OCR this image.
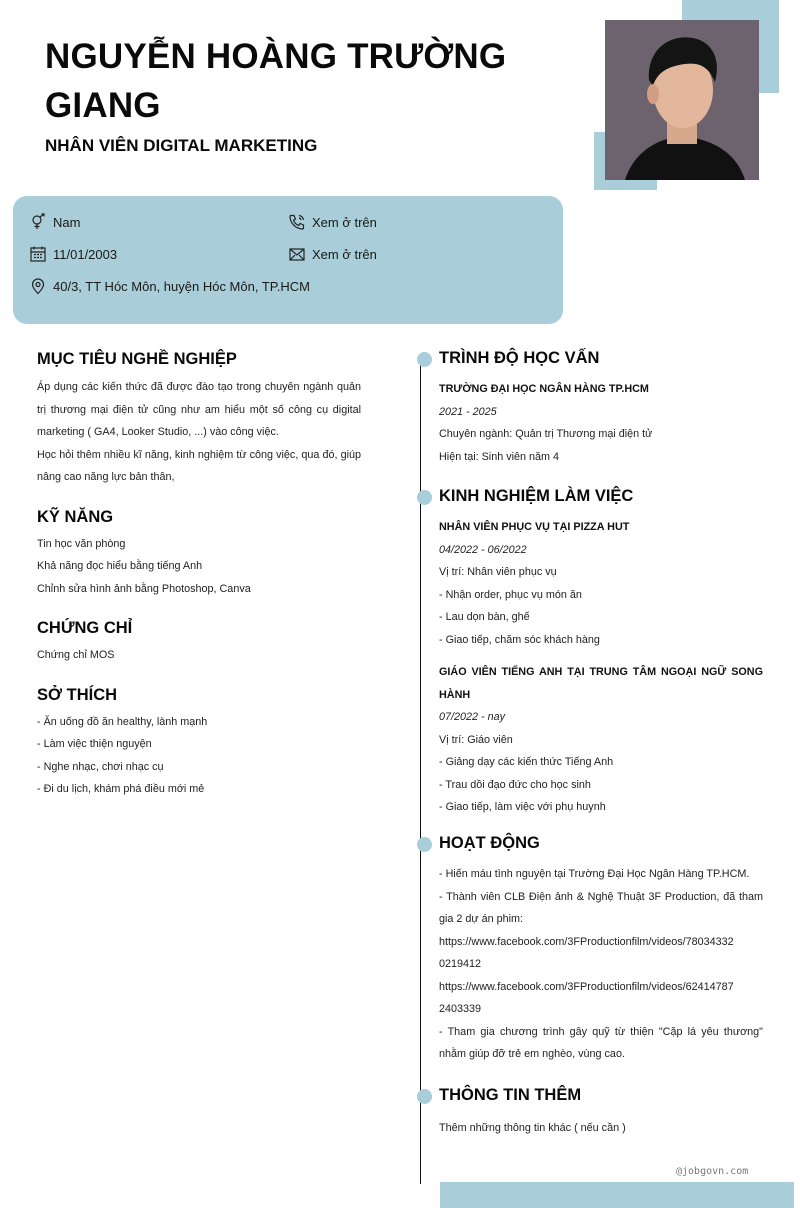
NGUYỄN HOÀNG TRƯỜNG GIANG
NHÂN VIÊN DIGITAL MARKETING
Nam	Xem ở trên
11/01/2003	Xem ở trên
40/3, TT Hóc Môn, huyện Hóc Môn, TP.HCM
MỤC TIÊU NGHỀ NGHIỆP
Áp dụng các kiến thức đã được đào tạo trong chuyên ngành quản trị thương mại điện tử cũng như am hiểu một số công cụ digital marketing ( GA4, Looker Studio, ...) vào công việc.
Học hỏi thêm nhiều kĩ năng, kinh nghiệm từ công việc, qua đó, giúp nâng cao năng lực bản thân,
KỸ NĂNG
Tin học văn phòng
Khả năng đọc hiểu bằng tiếng Anh
Chỉnh sửa hình ảnh bằng Photoshop, Canva
CHỨNG CHỈ
Chứng chỉ MOS
SỞ THÍCH
- Ăn uống đồ ăn healthy, lành mạnh
- Làm việc thiện nguyện
- Nghe nhạc, chơi nhạc cụ
- Đi du lịch, khám phá điều mới mẻ
TRÌNH ĐỘ HỌC VẤN
TRƯỜNG ĐẠI HỌC NGÂN HÀNG TP.HCM
2021 - 2025
Chuyên ngành: Quản trị Thương mại điện tử
Hiện tại: Sinh viên năm 4
KINH NGHIỆM LÀM VIỆC
NHÂN VIÊN PHỤC VỤ TẠI PIZZA HUT
04/2022 - 06/2022
Vị trí: Nhân viên phục vụ
- Nhận order, phục vụ món ăn
- Lau dọn bàn, ghế
- Giao tiếp, chăm sóc khách hàng
GIÁO VIÊN TIẾNG ANH TẠI TRUNG TÂM NGOẠI NGỮ SONG HÀNH
07/2022 - nay
Vị trí: Giáo viên
- Giảng dạy các kiến thức Tiếng Anh
- Trau dồi đạo đức cho học sinh
- Giao tiếp, làm việc với phụ huynh
HOẠT ĐỘNG
- Hiến máu tình nguyện tại Trường Đại Học Ngân Hàng TP.HCM.
- Thành viên CLB Điện ảnh & Nghệ Thuật 3F Production, đã tham gia 2 dự án phim:
https://www.facebook.com/3FProductionfilm/videos/78034332
0219412
https://www.facebook.com/3FProductionfilm/videos/62414787
2403339
- Tham gia chương trình gây quỹ từ thiện "Cặp lá yêu thương" nhằm giúp đỡ trẻ em nghèo, vùng cao.
THÔNG TIN THÊM
Thêm những thông tin khác ( nếu cần )
@jobgovn.com
